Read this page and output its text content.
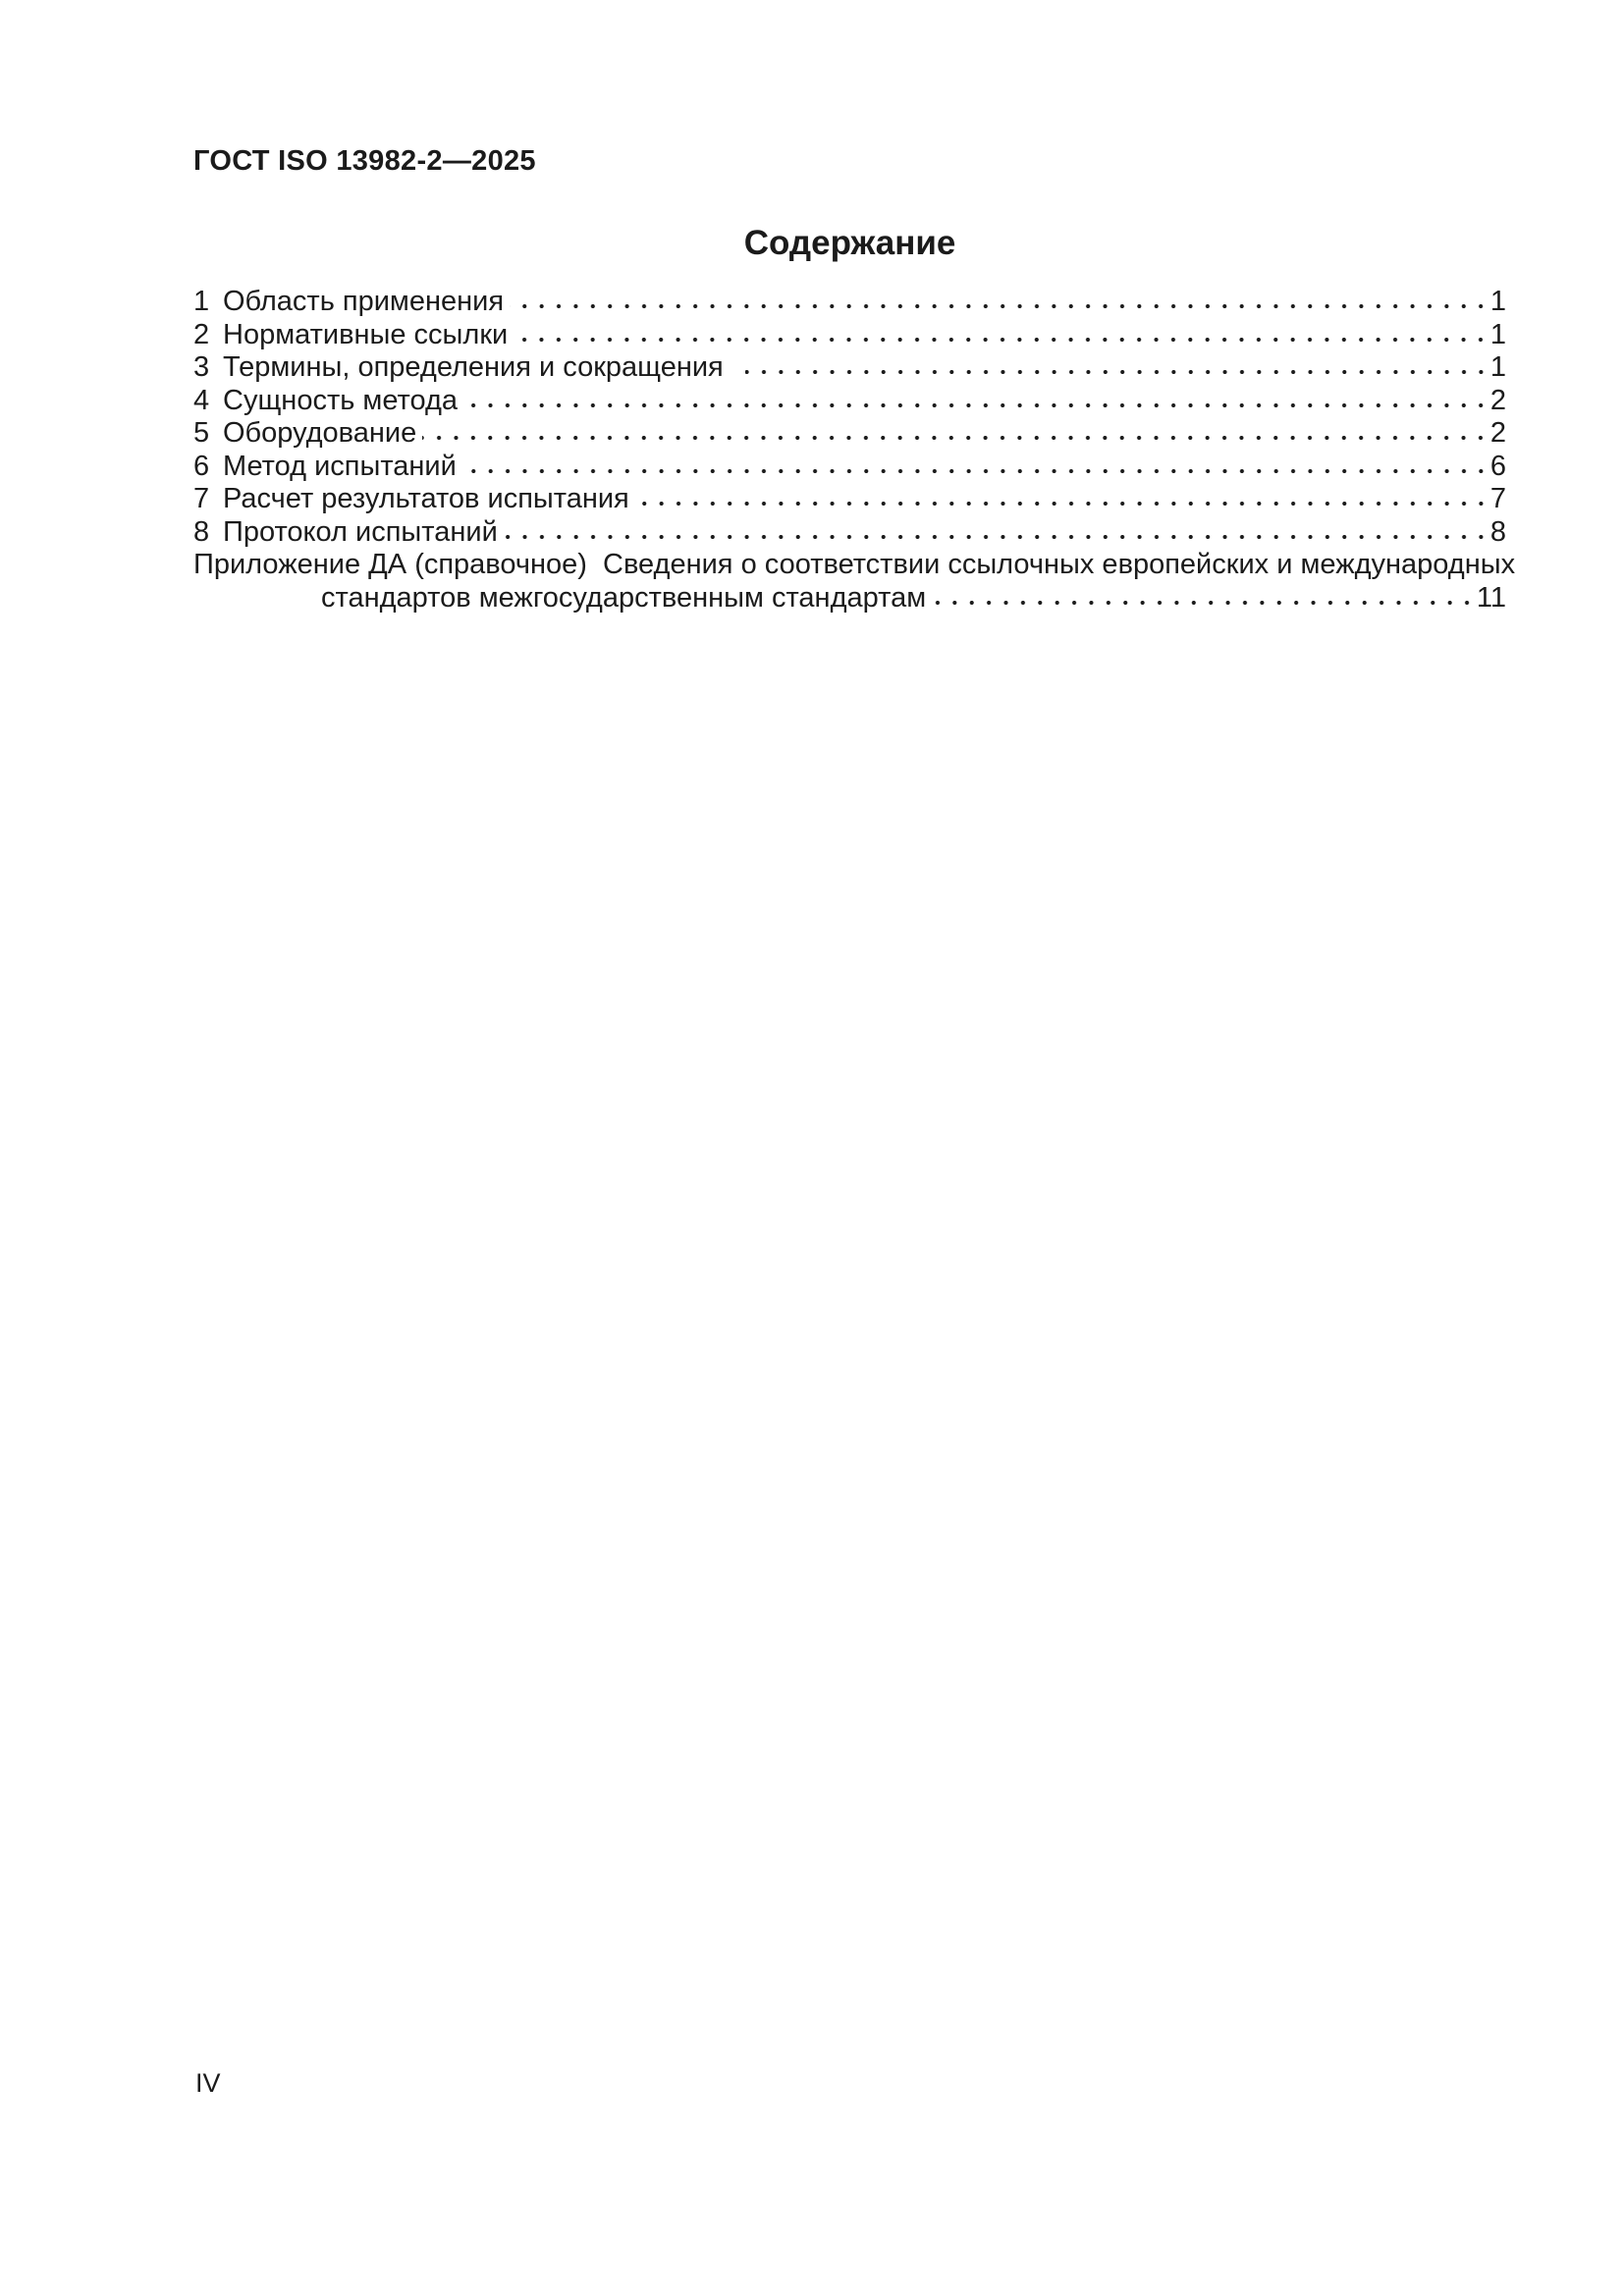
ГОСТ ISO 13982-2—2025
Содержание
1 Область применения	1
2 Нормативные ссылки	1
3 Термины, определения и сокращения	1
4 Сущность метода	2
5 Оборудование	2
6 Метод испытаний	6
7 Расчет результатов испытания	7
8 Протокол испытаний	8
Приложение ДА (справочное)  Сведения о соответствии ссылочных европейских и международных
стандартов межгосударственным стандартам	11
IV
